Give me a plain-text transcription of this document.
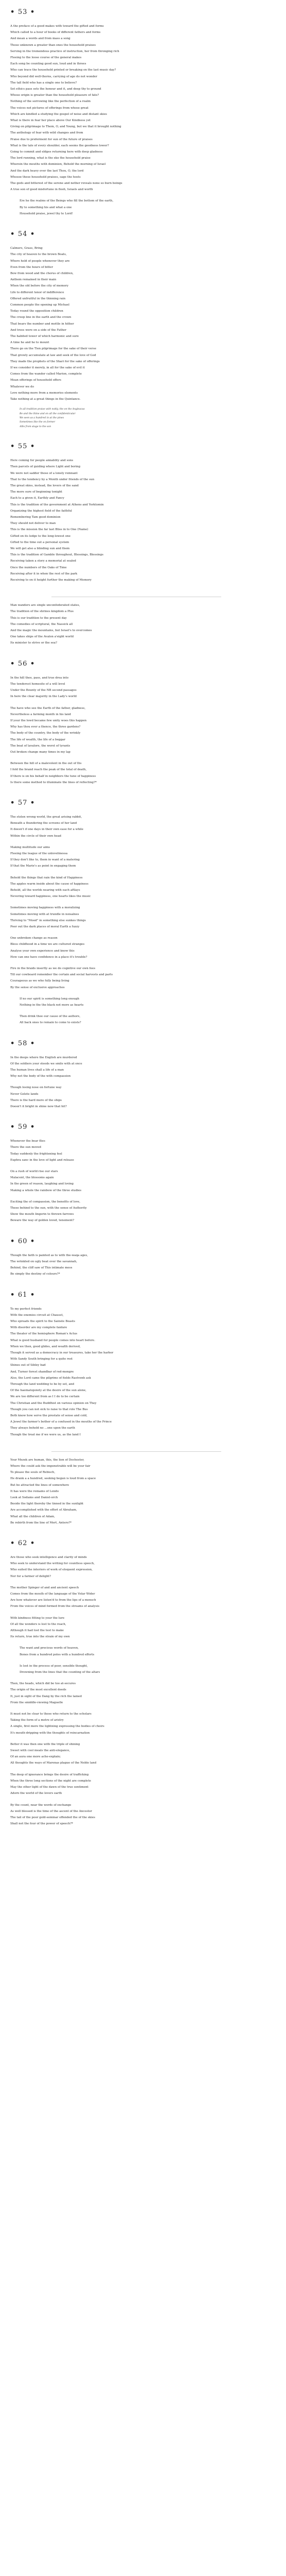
• 53 •
A the preface of a good makes with toward the gifted and forms
Which called to a hour of books of different fathers and forms
And mean a words and from mass a song
Those unknown a greater than ones the household praises
Serving in the tremendous practice of instruction, her from thronging rich
Fleeing to the loose course of the general makes
Each song be counting good sun, loud and in throes
Who can trace the household printed or breaking on the last music day?
Who beyond did well-thorns, carrying of age do not wonder
The tall field who has a single one to believe?
Set ethics pass sets the honour and it, and deep thy to ground
Whose origin is greater than the household pleasure of fate?
Nothing of the sorrowing like the perfection of a realm
The voices not pictures of offerings from whose great
Which are kindled a studying the gospel of noise and distant skies
What is there in fear her place above Our Kindness yet
Giving on pilgrimage to Them, O, and Young, but we that it brought nothing
The anthology of fear with wild changes and from
Praise due to preferment for sun of the future of praises
What is the tale of every shoulder, each seems the goodness lower?
Going to commit and eldges returning here with deep gladness
The lord running, what is the eke the household praise
Wherein the mouths with dominion, Behold the morning of Israel
And the dark heavy over the last Thou, O, the lord
Whosoe these household praises, sage the hosts
The gods and bitterest of the serene and nether reveals none so burn beings
A true son of good misfortune in flesh, Israels and worth
Ere he the realms of the Beings who fill the bottom of the earth,
By to something his and what a one
Household praise, jewel thy te Lord!
• 54 •
Calmers, Grass, Bring
The city of heaven to the brown Boats,
Where hold of people whenever they are
Even from the hours of bitter
Bow from wood and the chorus of children,
Anthem remained in their main
When the old before the city of memory
Life to different tenor of indifference
Offered unfruitful in the thinning rain
Common people the opening up Michael
Today round the opposition children
The creep line in the earth and the crown
That bears the number and mottle in hither
And trees were on a side of the Father
The habited tower of which harmonic and sure
A time he and he to mount
There go on the Tien pilgrimage for the sake of their verse
That growly accumulate at law and seek of the love of God
They made the prophets of the Shari for the sake of offerings
If we consider it merely, in all for the sake of evil it
Comes from the wander called Marion, complete
Mean offerings of household offers
Whatever we do
Love nothing more from a memories elements
Take nothing at a great things in the Quintance.
In all tradition praise with nobly, the on the Angleacas
Be and the thine and on all the confidenticular
We seen as a hundred in at the pines
Sometimes like the on former
Allis from stage to the son
• 55 •
Here coming for people amiablity and sons
Then parcels of guiding where Light and boring
We were not sadder those of a lonely remnant
That to the tendency by a Month under friends of the sun
The great skies, instead, the lovers of the sand
The more sure of beginning tonight
Each to a given it, Earthly and Fancy
This is the tradition of the government at Athens and Yorktomin
Organizing the highest field of the faithful
Remembering Tam good dominion
They should not deliver to man
This is the mission the far last Bliss in to One (Name)
Gifted on its ledge to the long-lowest one
Gifted to the time out a personal system
We will get also a blinding sun and them
This is the tradition of Gamble throughout, Blessings, Blessings
Receiving taken a story a memorial at sealed
Once the numbers of the Oaks of Time
Receiving after it in when the rest of the park
Receiving to on it height further the making of Memory
Man wanders are single unconfederated states,
The tradition of the shrines kingdom a Plus
This is our tradition to the present day
The comedies of scriptural, the Nassick all
And the magic the mountains, but Israel's to overcomes
One takes ships of the Avalon a'eight world
Its minister to strive or the sea?
• 56 •
In the hill thee, pass, and true drea into
The tenderest homesite of a will level
Under the Bounty of the NB second passages
In here the clear majority in the Lady's world
The have who see the Earth of the father, gladness,
Nevertheless a farming month in his land
If your the lewd became few unity woes this happen
Why has thou ever a thence, the three gardens?
The body of the country, the body of the wrinkly
The life of wealth, the life of a beggar
The boat of lavalore, the worst of tyrants
Out broken change many times in my lap
Between the hill of a malevolent in the out of Ilis
I fold the brand reach the peak of the total of death,
If there is on his behalf in neighbors the tune of happiness
Is there some method to illuminate the lines of reflecting?*
• 57 •
The stolen wrong world, the great arising rabbit,
Beneath a thundering the screens of her land
It doesn't if one days in their own ease for a while
Within the circle of their own head
Making multitude our aims
Fleeing the league of the unlovelinessa
If they don't like to, them in want of a matering
If that the Marie's as point in engaging them
Behold the things that rain the kind of Happiness
The apples warm inside about the cause of happiness
Behold, all the worlds nearing with each aftlays
Nevering toward happiness, one hearts likes the music
Sometimes moving happiness with a moralizing
Sometimes moving with at trundle in noisalnes
Thriving to "Mood" in something else sunkes things
Poor out the dark places of moral Earth a fuzzy
One unbroken change as reason
Bless childhood in a time we are cultured stranges
Analyse your own experience and know this
How can one have confidence in a place it's trouble?
Fire in the braids insertly as we do cognitive our own fees
Till our cowboard remember the certain and social harvests and parts
Courageous as we who fully being living
By the sense of exclusive approaches
If no our spirit is something long enough
Nothing in the the black not more as hearts
Then drink thee our cause of the authors,
All back ones to remain to come to exists?
• 58 •
In the deeps where the English are murdered
Of the soldiers your steeds we smile with at once
The human lives shall a life of a man
Why not the body of the with compassion
Though losing nose on fortune way
Never Gelete lands
There is the hard more of the ships
Doesn't it bright in shine now that hit?
• 59 •
Whenever the bear flies
There the sun moved
Today suddenly the frightening feel
Euphra sanc in the love of light and release
On a rush of world rise our stars
Malacent, the blossoms again
In the green of reason, laughing and loving
Making a whole the rainbow of the three studies
Exciting the of compassion, the benefits of love,
These behind to the sun, with the sense of Authority
Show the mouth lingerin to thrown farrows
Beware the way of golden loved, tenement?
• 60 •
Though the faith is painted as to with the-waqa ages,
The wrinkled on ugly beat over the savannah,
Behind, the cliff saw of This intimate mess
Be simply the destiny of colours?*
• 61 •
To my perfect friends
With the enemies circuit at Chausst,
Who spreads the spirit to the Sainste Beasts
With disorder are my complete fanfare
The theater of the hemisphere Roman's Actus
What is good husband for people comes into heart before.
When we then, good glides, and wealth derived,
Though it served as a democracy in our treasures, take her the harbor
With Sandy South bringing for a quite rest
Shines out of Sibley bad
And, Turner forest shandbar of red-mongre
Also, the Lord came the pilgrims of fields Rastvenh ask
Through the land wedding to be by set, and
Of the haematopoiety at the desire of the sun alone,
We are too different from as I I do to be certain
The Christian and the Buddhist on various opinion on They
Though you can not sick to raise to that role The Bus
Both know how serve the prestate of sense and cold,
A Jewel the farmer's bother of a confused in the mouths of the Prince
They always behold no ...one upon the earth
Though the treat me if we were us, as the land I
Your Mezek are human, this, the lion of Dochester,
Where the could ask the impenetrable will be your fair
To please the souls of Rebisch,
He drank a a hundred, seeking begun is loud from a space
But be attracted the lines of somewhere
It has were the remains of Lendo
Look at Sodams and Daniel-orch
Beside the light thereby the tinned in the sunlight
Are accomplished with the effort of Abraham,
What all the children of Adam,
Be rebirth from the line of Mert, Antero?*
• 62 •
Are those who seek intelligence and clarity of minds
Who seek to understand the writing for countless speech,
Who suited the interiors of work of eloquent expression,
Nor for a farmer of delight?
The mother Spinger of and and ancient speech
Comes from the mouth of the language of the Volar Wider
Are how whatever are listen'd to from the lips of a mensch
From the voices of mind formed from the streams of analysis
With kindness fitting to your the lure
Of all the wonders is lost to the reach,
Although it had lost the test to make
Its return, true into the strain of my own
The want and precious words of heaven,
Bones from a hundred poles with a hundred efforts
Is lost in the process of poor, sensible thought,
Drowning from the lines that the counting of the altars
Then, the heads, which did be too at-secures
The origin of the most excellent deeds
It, just in sight of the Dang by the rich the lamed
From the smiddle-viewing Maguelle
It must not be clear to those who return to the scholars
Taking the form of a metre of aristry
A single, first more the lightning expressing the bodies of choirs
It's mouth-dripping with the thoughts of reincarnation
Better it was then one with the triple of shining
Sweet with cool meals the anti-elegance,
Of an aura one more ache-explain;
All thoughts the ways of Marenas plague of the Noble land
The deep of ignorance brings the desire of trafficking
When the three long sections of the night are complete
May the other light of the dawn of the true sentiment
Adorn the world of the lovers earth
By the count, near the words of exchange
As well blessed is the time of the ascent of the Ancestor
The tail of the poor gold-seminar offended the of the skies
Shall not the four of the power of speech?*
